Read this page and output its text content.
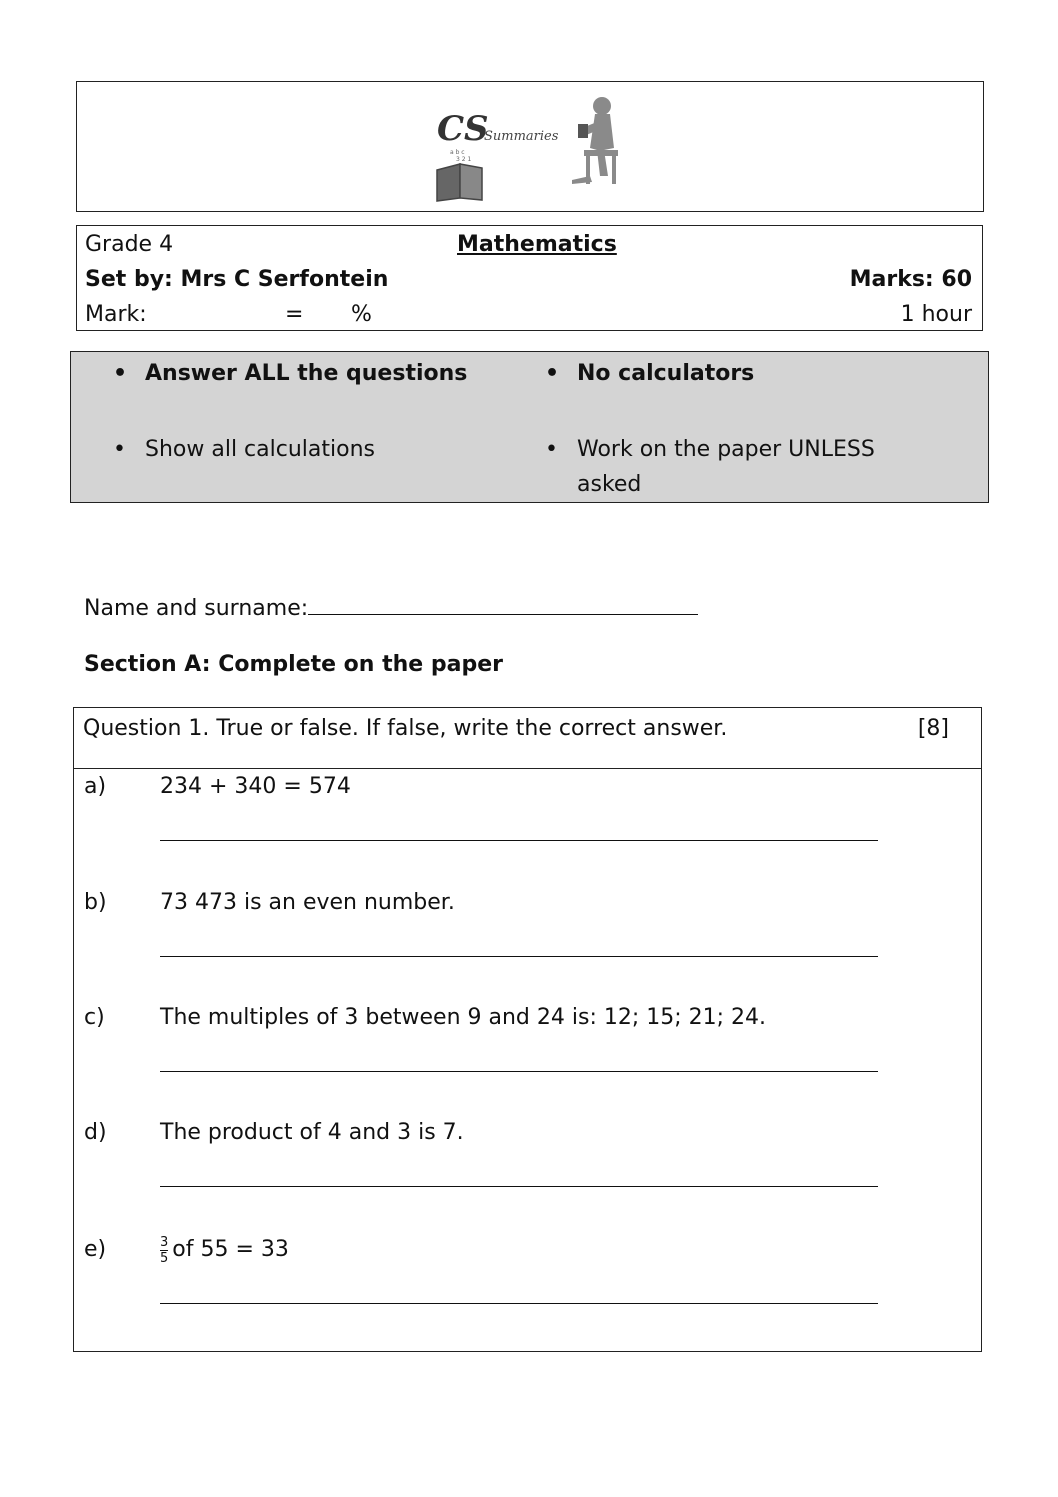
CS
Summaries
a b c
3 2 1
Grade 4	Mathematics
Set by: Mrs C Serfontein	Marks: 60
Mark:	= %	1 hour
• Answer ALL the questions	• No calculators
• Show all calculations	• Work on the paper UNLESS asked
Name and surname:
Section A: Complete on the paper
Question 1. True or false. If false, write the correct answer.	[8]
a) 234 + 340 = 574
b) 73 473 is an even number.
c)	The multiples of 3 between 9 and 24 is: 12; 15; 21; 24.
d) The product of 4 and 3 is 7.
e)	$\frac{3}{5}$ of 55 = 33
